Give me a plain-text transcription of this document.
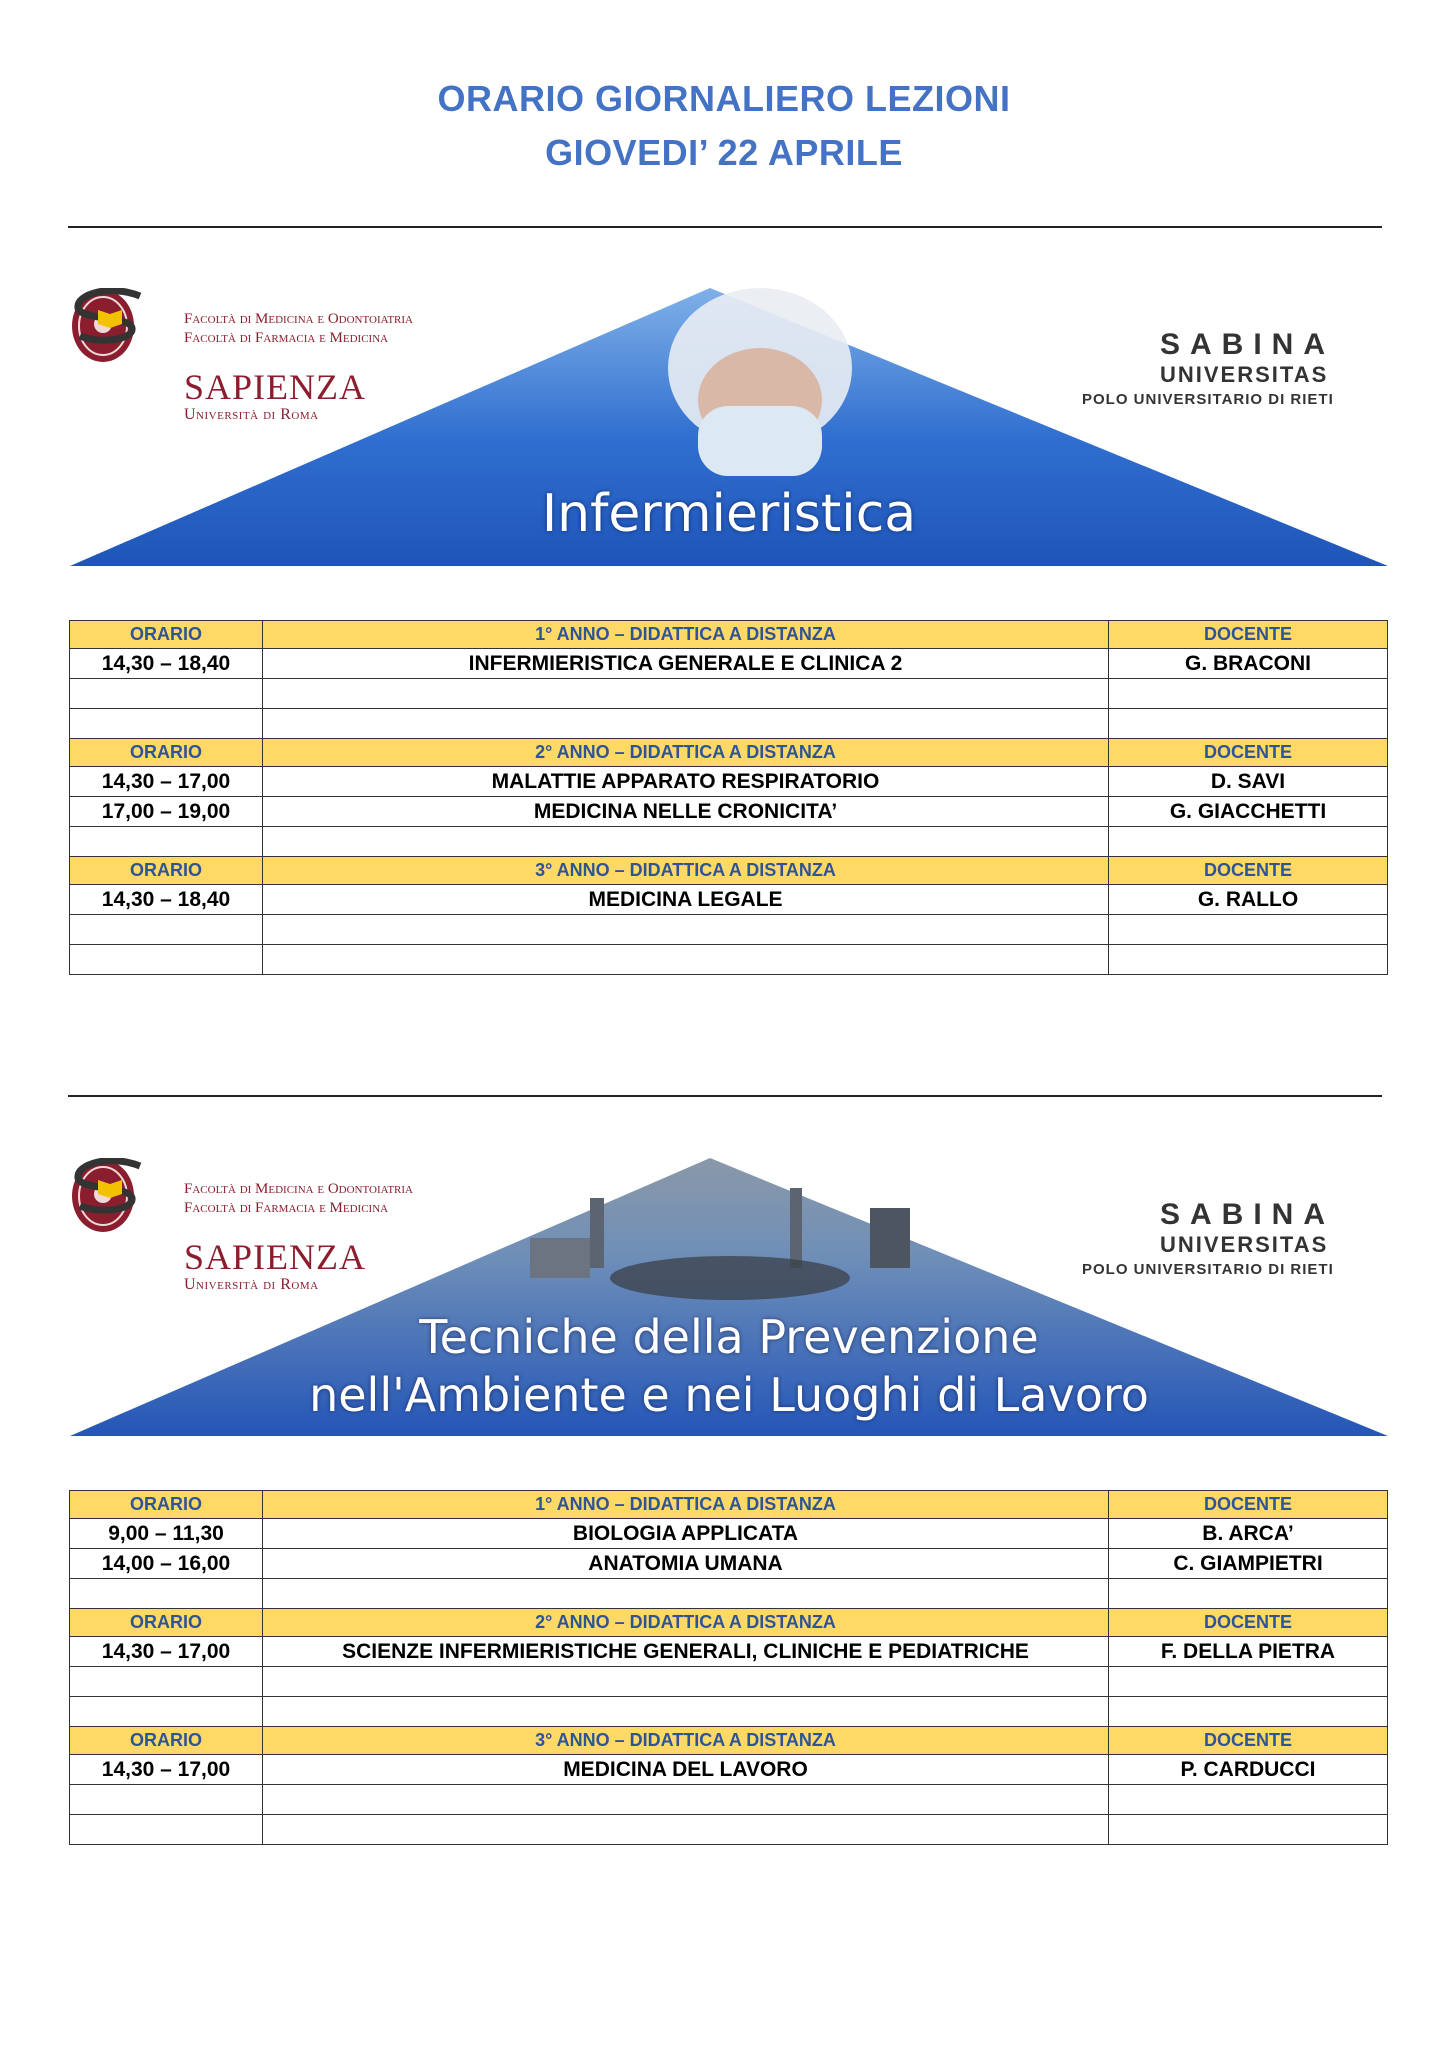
ORARIO GIORNALIERO LEZIONI
GIOVEDI’ 22 APRILE
Facoltà di Medicina e Odontoiatria
Facoltà di Farmacia e Medicina
SAPIENZA
Università di Roma
SABINA
UNIVERSITAS
POLO UNIVERSITARIO DI RIETI
Infermieristica
ORARIO	1° ANNO – DIDATTICA A DISTANZA	DOCENTE
14,30 – 18,40	INFERMIERISTICA GENERALE E CLINICA 2	G. BRACONI

ORARIO	2° ANNO – DIDATTICA A DISTANZA	DOCENTE
14,30 – 17,00	MALATTIE APPARATO RESPIRATORIO	D. SAVI
17,00 – 19,00	MEDICINA NELLE CRONICITA’	G. GIACCHETTI

ORARIO	3° ANNO – DIDATTICA A DISTANZA	DOCENTE
14,30 – 18,40	MEDICINA LEGALE	G. RALLO

Facoltà di Medicina e Odontoiatria
Facoltà di Farmacia e Medicina
SAPIENZA
Università di Roma
SABINA
UNIVERSITAS
POLO UNIVERSITARIO DI RIETI
Tecniche della Prevenzione
nell'Ambiente e nei Luoghi di Lavoro
ORARIO	1° ANNO – DIDATTICA A DISTANZA	DOCENTE
9,00 – 11,30	BIOLOGIA APPLICATA	B. ARCA’
14,00 – 16,00	ANATOMIA UMANA	C. GIAMPIETRI

ORARIO	2° ANNO – DIDATTICA A DISTANZA	DOCENTE
14,30 – 17,00	SCIENZE INFERMIERISTICHE GENERALI, CLINICHE E PEDIATRICHE	F. DELLA PIETRA

ORARIO	3° ANNO – DIDATTICA A DISTANZA	DOCENTE
14,30 – 17,00	MEDICINA DEL LAVORO	P. CARDUCCI
